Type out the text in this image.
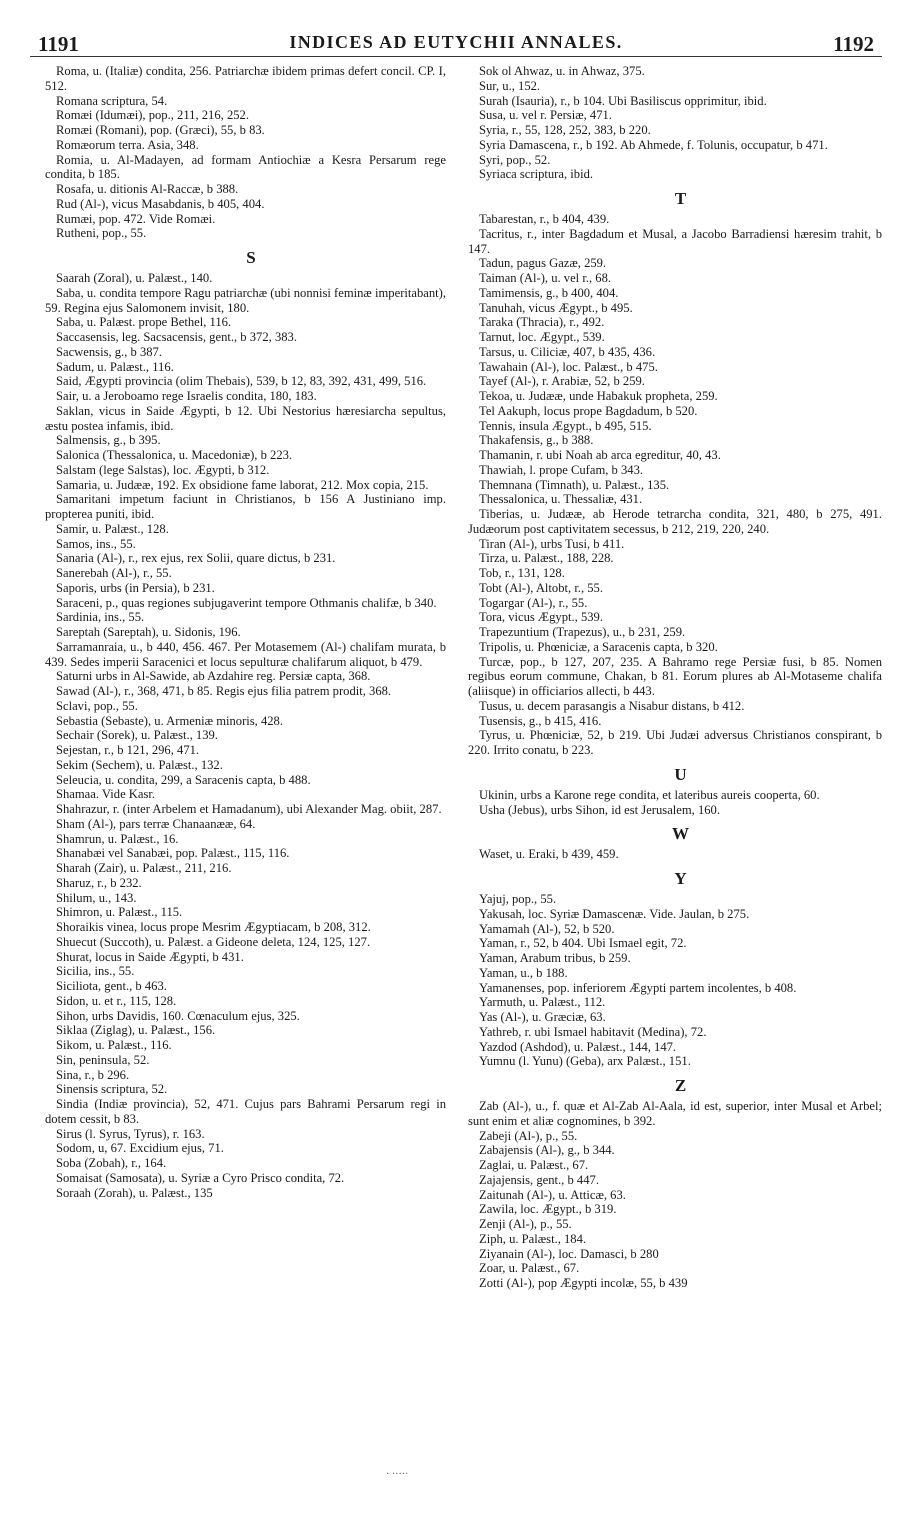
1191	INDICES AD EUTYCHII ANNALES.	1192
Roma, u. (Italiæ) condita, 256. Patriarchæ ibidem primas defert concil. CP. I, 512.
Romana scriptura, 54.
Romæi (Idumæi), pop., 211, 216, 252.
Romæi (Romani), pop. (Græci), 55, b 83.
Romæorum terra. Asia, 348.
Romia, u. Al-Madayen, ad formam Antiochiæ a Kesra Persarum rege condita, b 185.
Rosafa, u. ditionis Al-Raccæ, b 388.
Rud (Al-), vicus Masabdanis, b 405, 404.
Rumæi, pop. 472. Vide Romæi.
Rutheni, pop., 55.
S
Saarah (Zoral), u. Palæst., 140.
Saba, u. condita tempore Ragu patriarchæ (ubi nonnisi feminæ imperitabant), 59. Regina ejus Salomonem invisit, 180.
Saba, u. Palæst. prope Bethel, 116.
Saccasensis, leg. Sacsacensis, gent., b 372, 383.
Sacwensis, g., b 387.
Sadum, u. Palæst., 116.
Said, Ægypti provincia (olim Thebais), 539, b 12, 83, 392, 431, 499, 516.
Sair, u. a Jeroboamo rege Israelis condita, 180, 183.
Saklan, vicus in Saide Ægypti, b 12. Ubi Nestorius hæresiarcha sepultus, æstu postea infamis, ibid.
Salmensis, g., b 395.
Salonica (Thessalonica, u. Macedoniæ), b 223.
Salstam (lege Salstas), loc. Ægypti, b 312.
Samaria, u. Judææ, 192. Ex obsidione fame laborat, 212. Mox copia, 215.
Samaritani impetum faciunt in Christianos, b 156 A Justiniano imp. propterea puniti, ibid.
Samir, u. Palæst., 128.
Samos, ins., 55.
Sanaria (Al-), r., rex ejus, rex Solii, quare dictus, b 231.
Sanerebah (Al-), r., 55.
Saporis, urbs (in Persia), b 231.
Saraceni, p., quas regiones subjugaverint tempore Othmanis chalifæ, b 340.
Sardinia, ins., 55.
Sareptah (Sareptah), u. Sidonis, 196.
Sarramanraia, u., b 440, 456. 467. Per Motasemem (Al-) chalifam murata, b 439. Sedes imperii Saracenici et locus sepulturæ chalifarum aliquot, b 479.
Saturni urbs in Al-Sawide, ab Azdahire reg. Persiæ capta, 368.
Sawad (Al-), r., 368, 471, b 85. Regis ejus filia patrem prodit, 368.
Sclavi, pop., 55.
Sebastia (Sebaste), u. Armeniæ minoris, 428.
Sechair (Sorek), u. Palæst., 139.
Sejestan, r., b 121, 296, 471.
Sekim (Sechem), u. Palæst., 132.
Seleucia, u. condita, 299, a Saracenis capta, b 488.
Shamaa. Vide Kasr.
Shahrazur, r. (inter Arbelem et Hamadanum), ubi Alexander Mag. obiit, 287.
Sham (Al-), pars terræ Chanaanææ, 64.
Shamrun, u. Palæst., 16.
Shanabæi vel Sanabæi, pop. Palæst., 115, 116.
Sharah (Zair), u. Palæst., 211, 216.
Sharuz, r., b 232.
Shilum, u., 143.
Shimron, u. Palæst., 115.
Shoraikis vinea, locus prope Mesrim Ægyptiacam, b 208, 312.
Shuecut (Succoth), u. Palæst. a Gideone deleta, 124, 125, 127.
Shurat, locus in Saide Ægypti, b 431.
Sicilia, ins., 55.
Siciliota, gent., b 463.
Sidon, u. et r., 115, 128.
Sihon, urbs Davidis, 160. Cœnaculum ejus, 325.
Siklaa (Ziglag), u. Palæst., 156.
Sikom, u. Palæst., 116.
Sin, peninsula, 52.
Sina, r., b 296.
Sinensis scriptura, 52.
Sindia (Indiæ provincia), 52, 471. Cujus pars Bahrami Persarum regi in dotem cessit, b 83.
Sirus (l. Syrus, Tyrus), r. 163.
Sodom, u, 67. Excidium ejus, 71.
Soba (Zobah), r., 164.
Somaisat (Samosata), u. Syriæ a Cyro Prisco condita, 72.
Soraah (Zorah), u. Palæst., 135
Sok ol Ahwaz, u. in Ahwaz, 375.
Sur, u., 152.
Surah (Isauria), r., b 104. Ubi Basiliscus opprimitur, ibid.
Susa, u. vel r. Persiæ, 471.
Syria, r., 55, 128, 252, 383, b 220.
Syria Damascena, r., b 192. Ab Ahmede, f. Tolunis, occupatur, b 471.
Syri, pop., 52.
Syriaca scriptura, ibid.
T
Tabarestan, r., b 404, 439.
Tacritus, r., inter Bagdadum et Musal, a Jacobo Barradiensi hæresim trahit, b 147.
Tadun, pagus Gazæ, 259.
Taiman (Al-), u. vel r., 68.
Tamimensis, g., b 400, 404.
Tanuhah, vicus Ægypt., b 495.
Taraka (Thracia), r., 492.
Tarnut, loc. Ægypt., 539.
Tarsus, u. Ciliciæ, 407, b 435, 436.
Tawahain (Al-), loc. Palæst., b 475.
Tayef (Al-), r. Arabiæ, 52, b 259.
Tekoa, u. Judææ, unde Habakuk propheta, 259.
Tel Aakuph, locus prope Bagdadum, b 520.
Tennis, insula Ægypt., b 495, 515.
Thakafensis, g., b 388.
Thamanin, r. ubi Noah ab arca egreditur, 40, 43.
Thawiah, l. prope Cufam, b 343.
Themnana (Timnath), u. Palæst., 135.
Thessalonica, u. Thessaliæ, 431.
Tiberias, u. Judææ, ab Herode tetrarcha condita, 321, 480, b 275, 491. Judæorum post captivitatem secessus, b 212, 219, 220, 240.
Tiran (Al-), urbs Tusi, b 411.
Tirza, u. Palæst., 188, 228.
Tob, r., 131, 128.
Tobt (Al-), Altobt, r., 55.
Togargar (Al-), r., 55.
Tora, vicus Ægypt., 539.
Trapezuntium (Trapezus), u., b 231, 259.
Tripolis, u. Phœniciæ, a Saracenis capta, b 320.
Turcæ, pop., b 127, 207, 235. A Bahramo rege Persiæ fusi, b 85. Nomen regibus eorum commune, Chakan, b 81. Eorum plures ab Al-Motaseme chalifa (aliisque) in officiarios allecti, b 443.
Tusus, u. decem parasangis a Nisabur distans, b 412.
Tusensis, g., b 415, 416.
Tyrus, u. Phœniciæ, 52, b 219. Ubi Judæi adversus Christianos conspirant, b 220. Irrito conatu, b 223.
U
Ukinin, urbs a Karone rege condita, et lateribus aureis cooperta, 60.
Usha (Jebus), urbs Sihon, id est Jerusalem, 160.
W
Waset, u. Eraki, b 439, 459.
Y
Yajuj, pop., 55.
Yakusah, loc. Syriæ Damascenæ. Vide. Jaulan, b 275.
Yamamah (Al-), 52, b 520.
Yaman, r., 52, b 404. Ubi Ismael egit, 72.
Yaman, Arabum tribus, b 259.
Yaman, u., b 188.
Yamanenses, pop. inferiorem Ægypti partem incolentes, b 408.
Yarmuth, u. Palæst., 112.
Yas (Al-), u. Græciæ, 63.
Yathreb, r. ubi Ismael habitavit (Medina), 72.
Yazdod (Ashdod), u. Palæst., 144, 147.
Yumnu (l. Yunu) (Geba), arx Palæst., 151.
Z
Zab (Al-), u., f. quæ et Al-Zab Al-Aala, id est, superior, inter Musal et Arbel; sunt enim et aliæ cognomines, b 392.
Zabeji (Al-), p., 55.
Zabajensis (Al-), g., b 344.
Zaglai, u. Palæst., 67.
Zajajensis, gent., b 447.
Zaitunah (Al-), u. Atticæ, 63.
Zawila, loc. Ægypt., b 319.
Zenji (Al-), p., 55.
Ziph, u. Palæst., 184.
Ziyanain (Al-), loc. Damasci, b 280
Zoar, u. Palæst., 67.
Zotti (Al-), pop Ægypti incolæ, 55, b 439
· ·····
